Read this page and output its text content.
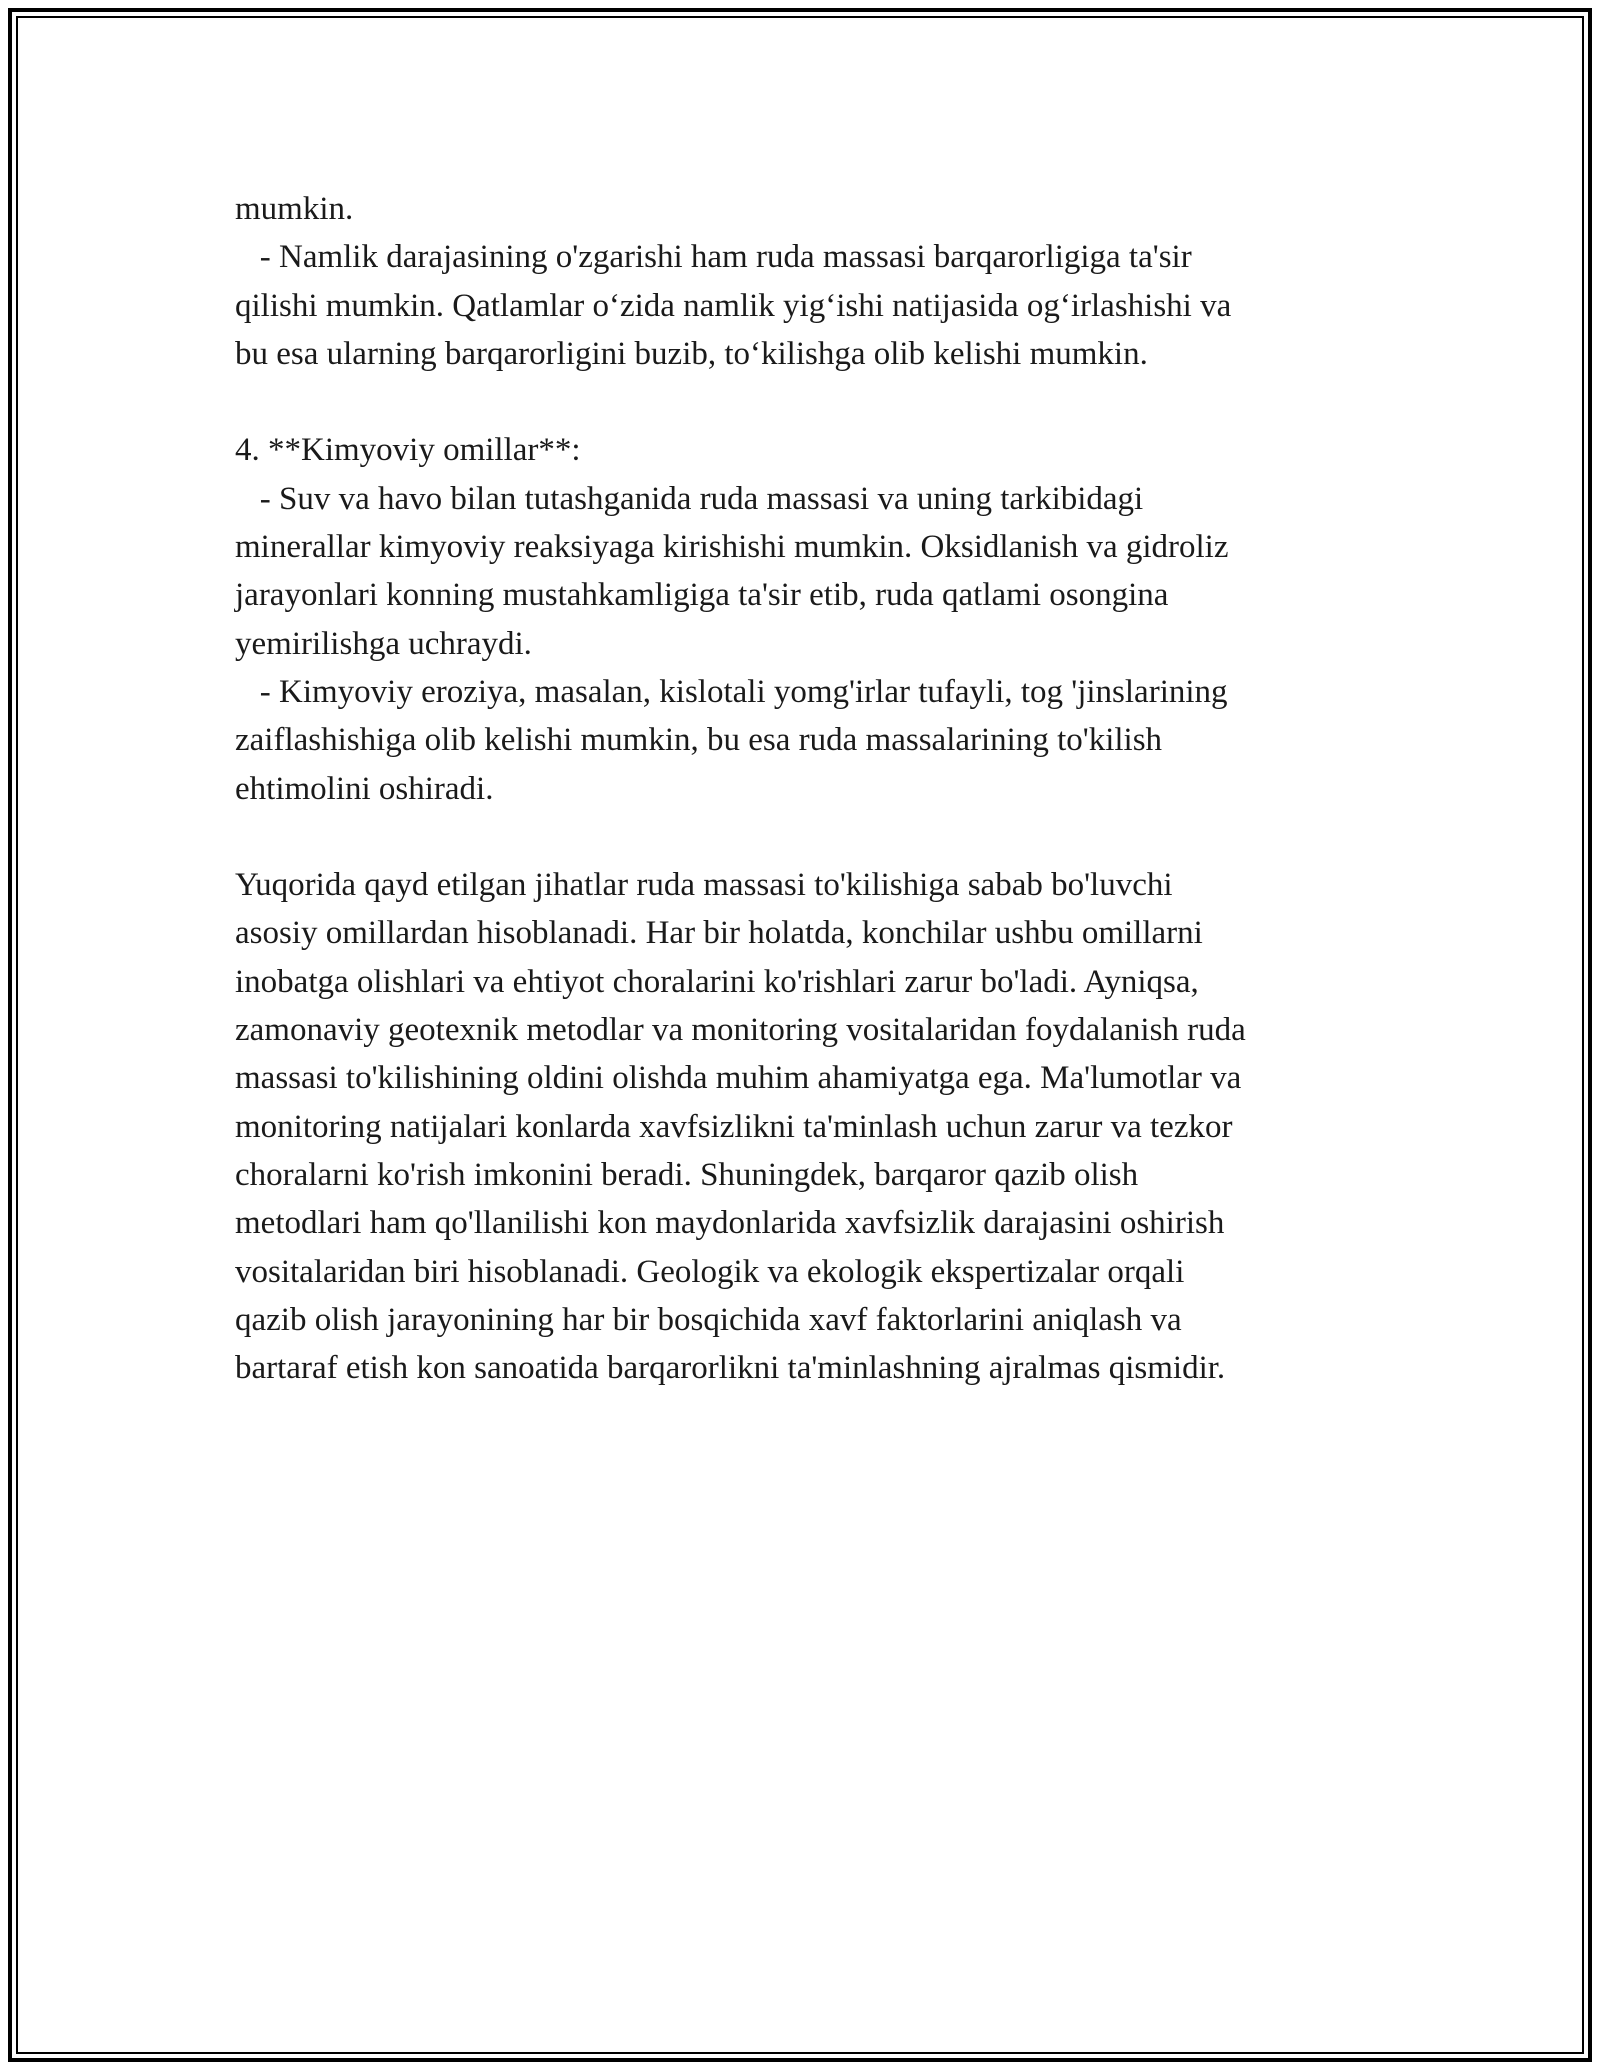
mumkin.
- Namlik darajasining o'zgarishi ham ruda massasi barqarorligiga ta'sir
qilishi mumkin. Qatlamlar o‘zida namlik yig‘ishi natijasida og‘irlashishi va
bu esa ularning barqarorligini buzib, to‘kilishga olib kelishi mumkin.
4. **Kimyoviy omillar**:
- Suv va havo bilan tutashganida ruda massasi va uning tarkibidagi
minerallar kimyoviy reaksiyaga kirishishi mumkin. Oksidlanish va gidroliz
jarayonlari konning mustahkamligiga ta'sir etib, ruda qatlami osongina
yemirilishga uchraydi.
- Kimyoviy eroziya, masalan, kislotali yomg'irlar tufayli, tog 'jinslarining
zaiflashishiga olib kelishi mumkin, bu esa ruda massalarining to'kilish
ehtimolini oshiradi.
Yuqorida qayd etilgan jihatlar ruda massasi to'kilishiga sabab bo'luvchi
asosiy omillardan hisoblanadi. Har bir holatda, konchilar ushbu omillarni
inobatga olishlari va ehtiyot choralarini ko'rishlari zarur bo'ladi. Ayniqsa,
zamonaviy geotexnik metodlar va monitoring vositalaridan foydalanish ruda
massasi to'kilishining oldini olishda muhim ahamiyatga ega. Ma'lumotlar va
monitoring natijalari konlarda xavfsizlikni ta'minlash uchun zarur va tezkor
choralarni ko'rish imkonini beradi. Shuningdek, barqaror qazib olish
metodlari ham qo'llanilishi kon maydonlarida xavfsizlik darajasini oshirish
vositalaridan biri hisoblanadi. Geologik va ekologik ekspertizalar orqali
qazib olish jarayonining har bir bosqichida xavf faktorlarini aniqlash va
bartaraf etish kon sanoatida barqarorlikni ta'minlashning ajralmas qismidir.
